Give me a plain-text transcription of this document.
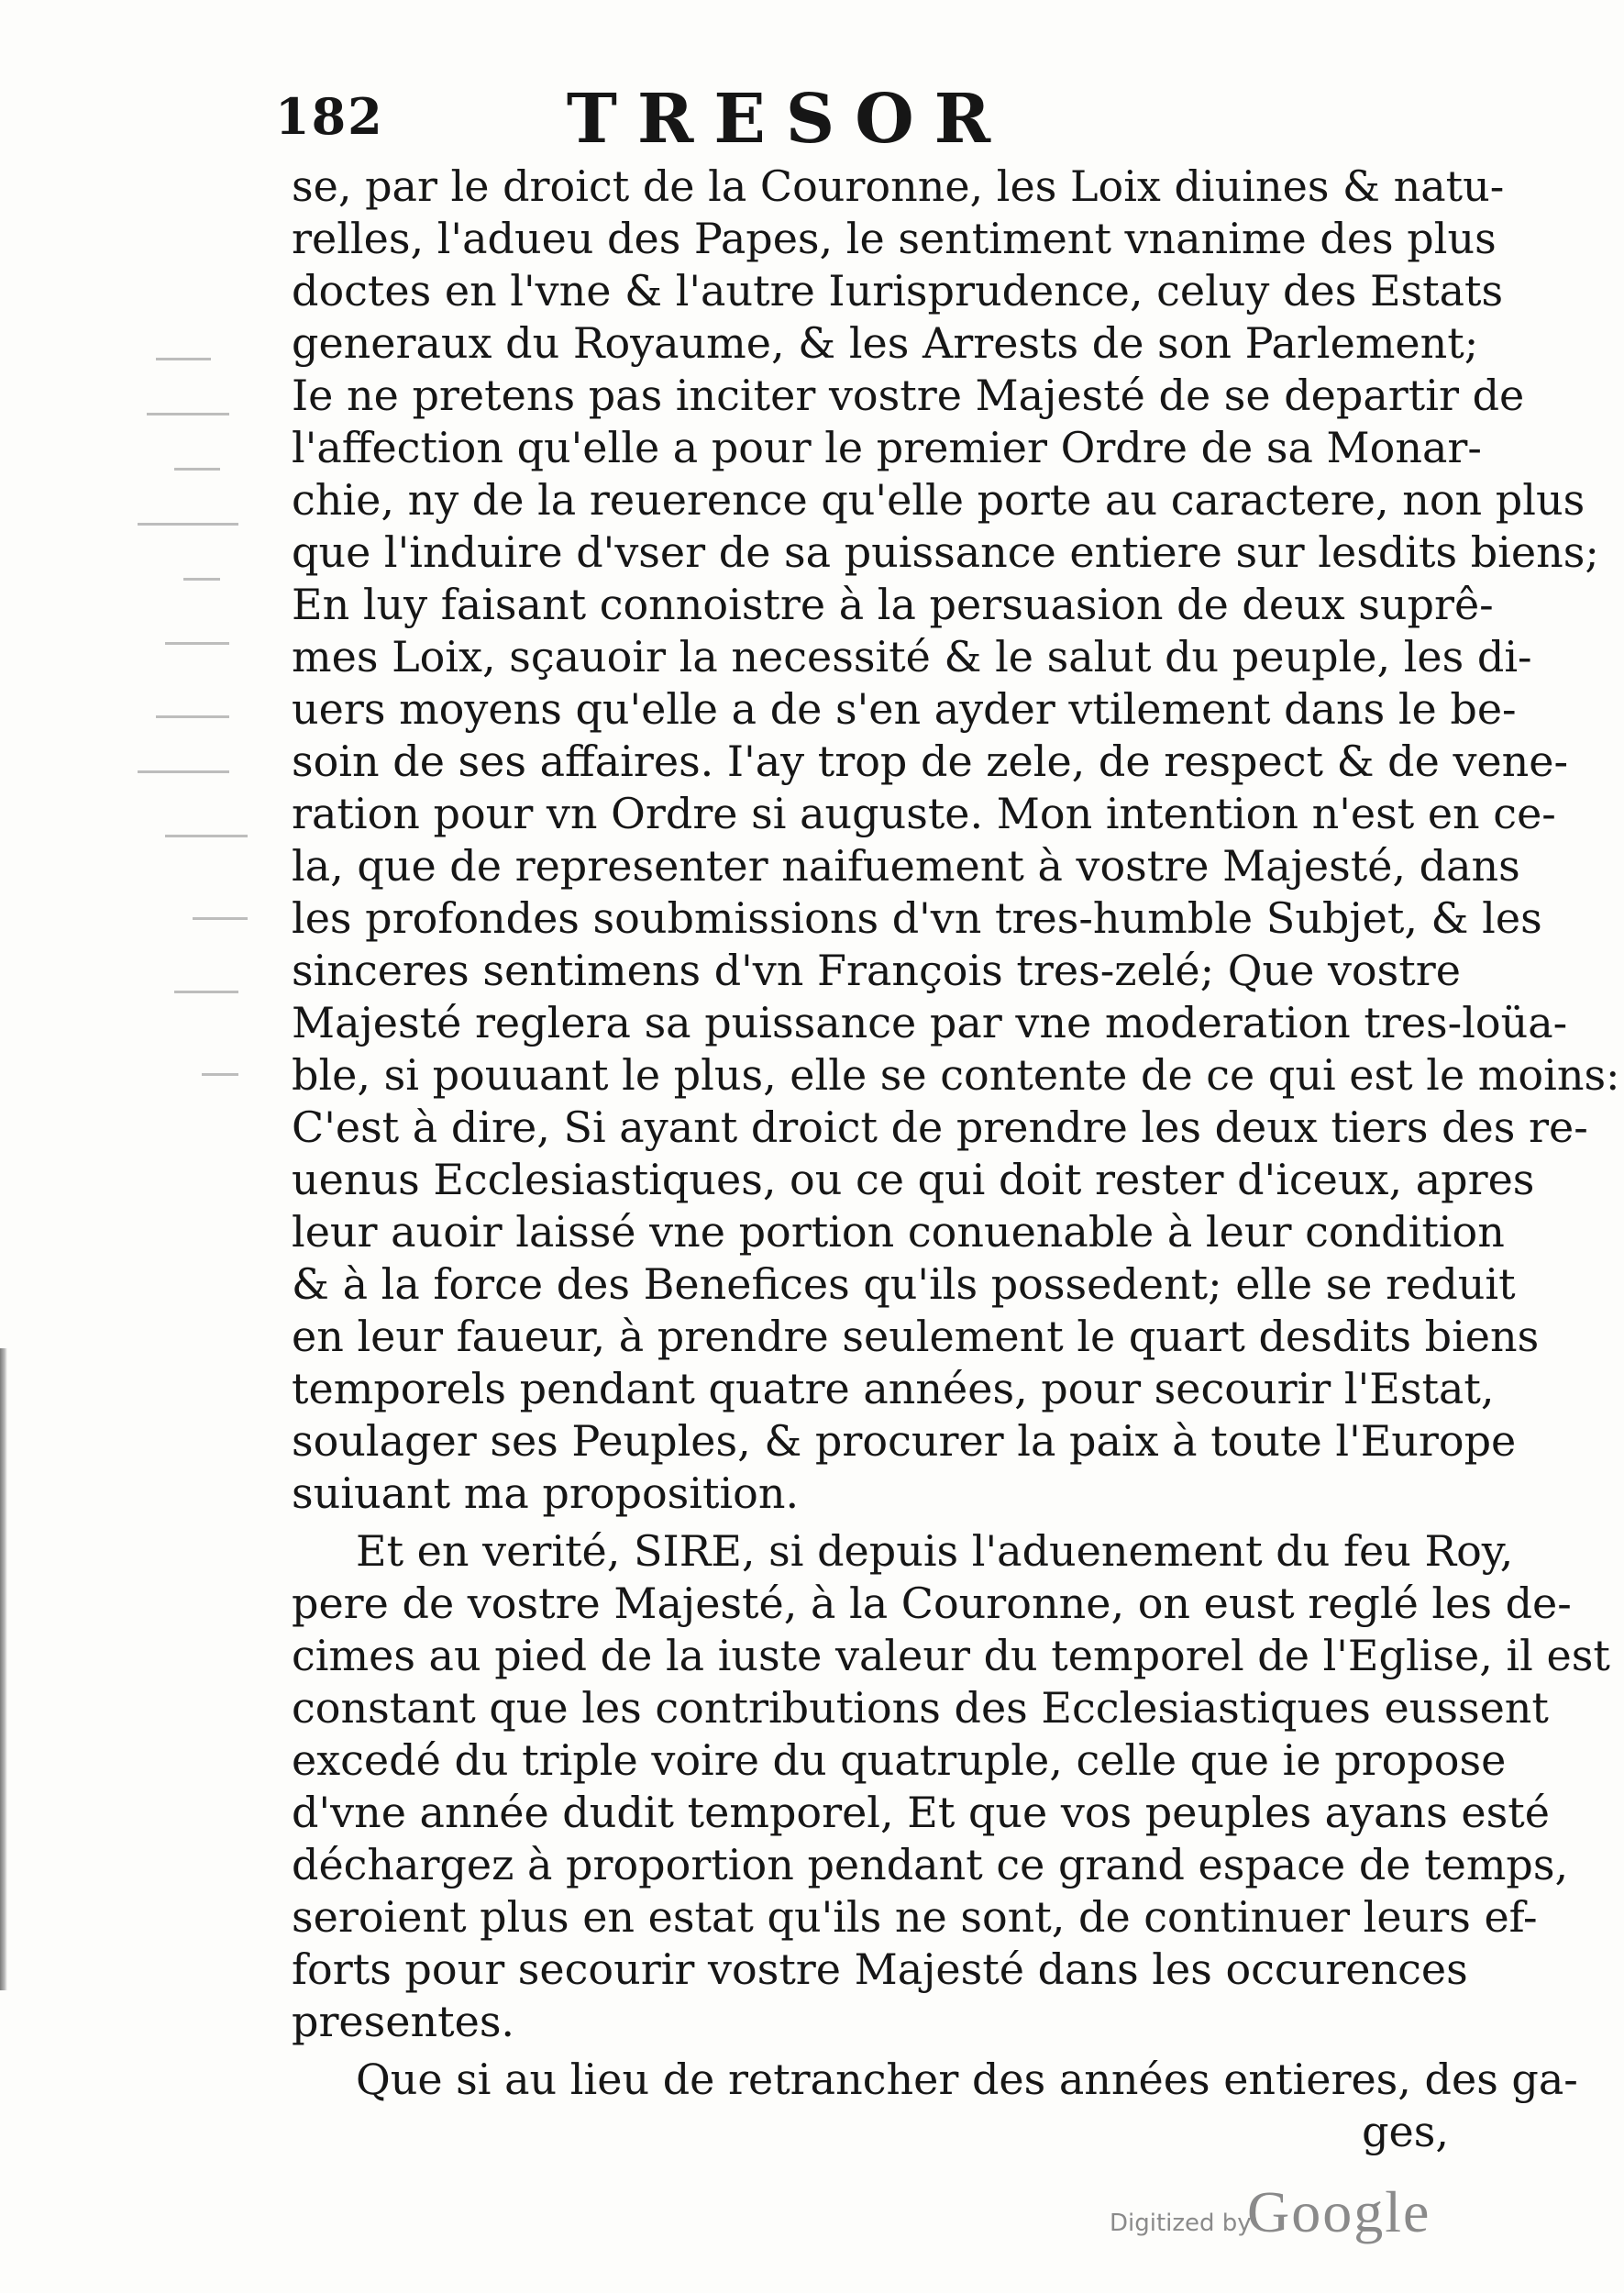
182	TRESOR
se, par le droict de la Couronne, les Loix diuines & natu-
relles, l'adueu des Papes, le sentiment vnanime des plus
doctes en l'vne & l'autre Iurisprudence, celuy des Estats
generaux du Royaume, & les Arrests de son Parlement;
Ie ne pretens pas inciter vostre Majesté de se departir de
l'affection qu'elle a pour le premier Ordre de sa Monar-
chie, ny de la reuerence qu'elle porte au caractere, non plus
que l'induire d'vser de sa puissance entiere sur lesdits biens;
En luy faisant connoistre à la persuasion de deux suprê-
mes Loix, sçauoir la necessité & le salut du peuple, les di-
uers moyens qu'elle a de s'en ayder vtilement dans le be-
soin de ses affaires. I'ay trop de zele, de respect & de vene-
ration pour vn Ordre si auguste. Mon intention n'est en ce-
la, que de representer naifuement à vostre Majesté, dans
les profondes soubmissions d'vn tres-humble Subjet, & les
sinceres sentimens d'vn François tres-zelé; Que vostre
Majesté reglera sa puissance par vne moderation tres-loüa-
ble, si pouuant le plus, elle se contente de ce qui est le moins:
C'est à dire, Si ayant droict de prendre les deux tiers des re-
uenus Ecclesiastiques, ou ce qui doit rester d'iceux, apres
leur auoir laissé vne portion conuenable à leur condition
& à la force des Benefices qu'ils possedent; elle se reduit
en leur faueur, à prendre seulement le quart desdits biens
temporels pendant quatre années, pour secourir l'Estat,
soulager ses Peuples, & procurer la paix à toute l'Europe
suiuant ma proposition.
Et en verité, SIRE, si depuis l'aduenement du feu Roy,
pere de vostre Majesté, à la Couronne, on eust reglé les de-
cimes au pied de la iuste valeur du temporel de l'Eglise, il est
constant que les contributions des Ecclesiastiques eussent
excedé du triple voire du quatruple, celle que ie propose
d'vne année dudit temporel, Et que vos peuples ayans esté
déchargez à proportion pendant ce grand espace de temps,
seroient plus en estat qu'ils ne sont, de continuer leurs ef-
forts pour secourir vostre Majesté dans les occurences
presentes.
Que si au lieu de retrancher des années entieres, des ga-
ges,
Digitized by
Google
